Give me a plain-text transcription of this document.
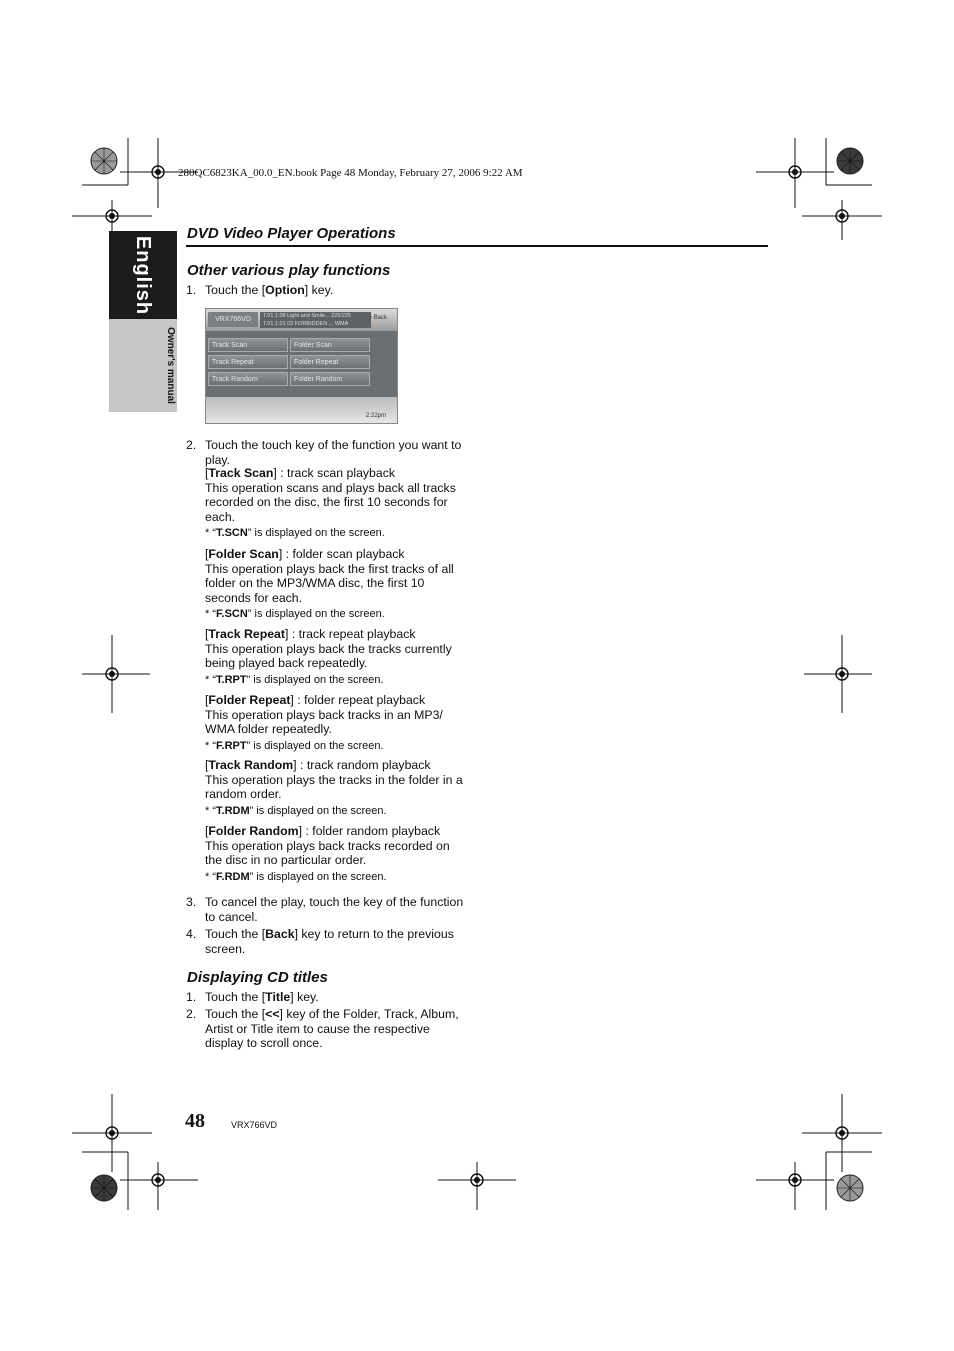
280QC6823KA_00.0_EN.book Page 48 Monday, February 27, 2006 9:22 AM
English
Owner's manual
DVD Video Player Operations
Other various play functions
1. Touch the [Option] key.
VRX766VD	T.01 1:08 Light and Smile... 225/225
T.01 1:01 02 FORBIDDEN ... WMA
‹ Back
Track Scan	Folder Scan
Track Repeat	Folder Repeat
Track Random	Folder Random
2:22pm
2. Touch the touch key of the function you want to play.
[Track Scan] : track scan playback
This operation scans and plays back all tracks recorded on the disc, the first 10 seconds for each.
* “T.SCN” is displayed on the screen.
[Folder Scan] : folder scan playback
This operation plays back the first tracks of all folder on the MP3/WMA disc, the first 10 seconds for each.
* “F.SCN” is displayed on the screen.
[Track Repeat] : track repeat playback
This operation plays back the tracks currently being played back repeatedly.
* “T.RPT” is displayed on the screen.
[Folder Repeat] : folder repeat playback
This operation plays back tracks in an MP3/ WMA folder repeatedly.
* “F.RPT” is displayed on the screen.
[Track Random] : track random playback
This operation plays the tracks in the folder in a random order.
* “T.RDM” is displayed on the screen.
[Folder Random] : folder random playback
This operation plays back tracks recorded on the disc in no particular order.
* “F.RDM” is displayed on the screen.
3. To cancel the play, touch the key of the function to cancel.
4. Touch the [Back] key to return to the previous screen.
Displaying CD titles
1. Touch the [Title] key.
2. Touch the [<<] key of the Folder, Track, Album, Artist or Title item to cause the respective display to scroll once.
48	VRX766VD
